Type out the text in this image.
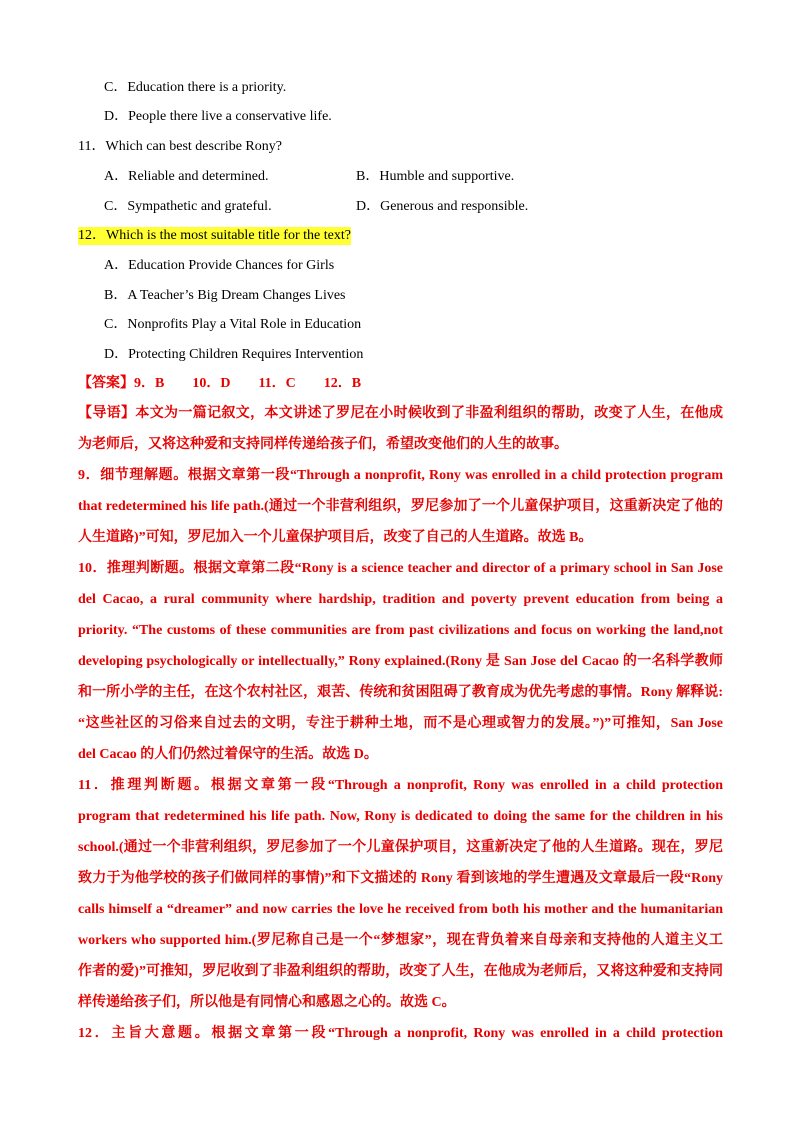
C．Education there is a priority.
D．People there live a conservative life.
11．Which can best describe Rony?
A．Reliable and determined.	B．Humble and supportive.
C．Sympathetic and grateful.	D．Generous and responsible.
12．Which is the most suitable title for the text?
A．Education Provide Chances for Girls
B．A Teacher’s Big Dream Changes Lives
C．Nonprofits Play a Vital Role in Education
D．Protecting Children Requires Intervention
【答案】9．B　　10．D　　11．C　　12．B
【导语】本文为一篇记叙文，本文讲述了罗尼在小时候收到了非盈利组织的帮助，改变了人生，在他成
为老师后，又将这种爱和支持同样传递给孩子们，希望改变他们的人生的故事。
9．细节理解题。根据文章第一段“Through a nonprofit, Rony was enrolled in a child protection program
that redetermined his life path.(通过一个非营利组织，罗尼参加了一个儿童保护项目，这重新决定了他的
人生道路)”可知，罗尼加入一个儿童保护项目后，改变了自己的人生道路。故选 B。
10．推理判断题。根据文章第二段“Rony is a science teacher and director of a primary school in San Jose
del Cacao, a rural community where hardship, tradition and poverty prevent education from being a
priority. “The customs of these communities are from past civilizations and focus on working the land,not
developing psychologically or intellectually,” Rony explained.(Rony 是 San Jose del Cacao 的一名科学教师
和一所小学的主任，在这个农村社区，艰苦、传统和贫困阻碍了教育成为优先考虑的事情。Rony 解释说:
“这些社区的习俗来自过去的文明，专注于耕种土地，而不是心理或智力的发展。”)”可推知，San Jose
del Cacao 的人们仍然过着保守的生活。故选 D。
11．推理判断题。根据文章第一段“Through a nonprofit, Rony was enrolled in a child protection
program that redetermined his life path. Now, Rony is dedicated to doing the same for the children in his
school.(通过一个非营利组织，罗尼参加了一个儿童保护项目，这重新决定了他的人生道路。现在，罗尼
致力于为他学校的孩子们做同样的事情)”和下文描述的 Rony 看到该地的学生遭遇及文章最后一段“Rony
calls himself a “dreamer” and now carries the love he received from both his mother and the humanitarian
workers who supported him.(罗尼称自己是一个“梦想家”，现在背负着来自母亲和支持他的人道主义工
作者的爱)”可推知，罗尼收到了非盈利组织的帮助，改变了人生，在他成为老师后，又将这种爱和支持同
样传递给孩子们，所以他是有同情心和感恩之心的。故选 C。
12．主旨大意题。根据文章第一段“Through a nonprofit, Rony was enrolled in a child protection
